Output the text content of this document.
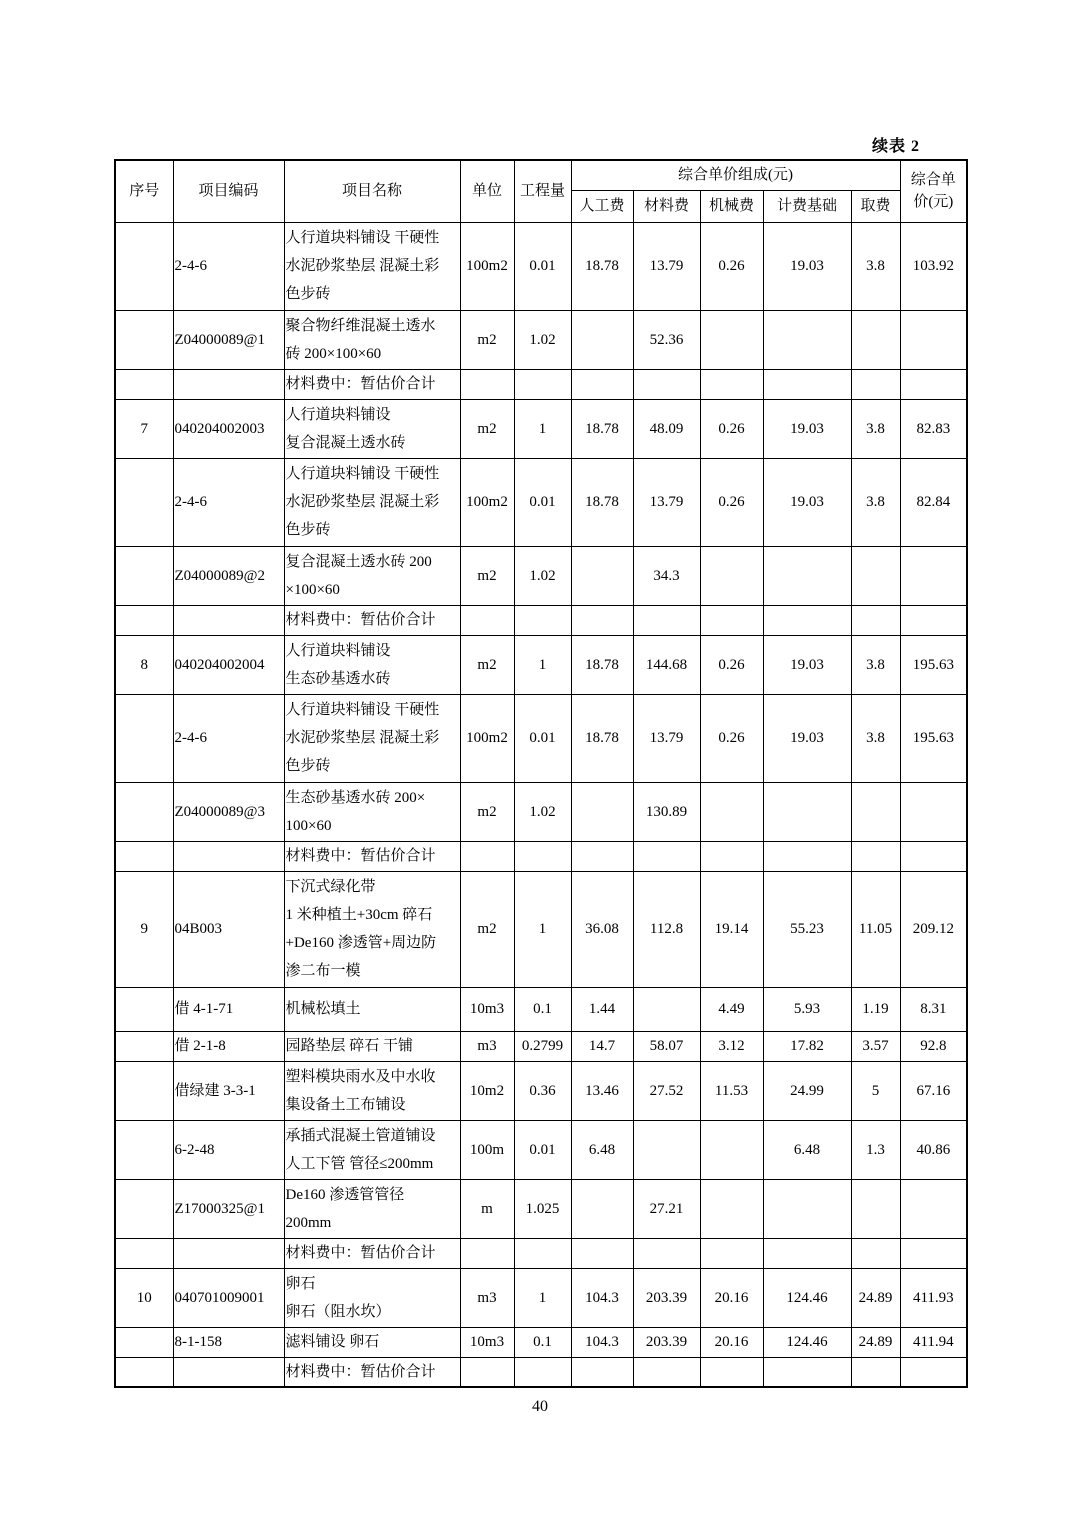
续表 2
序号	项目编码	项目名称	单位	工程量	综合单价组成(元)					综合单
价(元)

					人工费	材料费	机械费	计费基础	取费	
	2-4-6	人行道块料铺设 干硬性
水泥砂浆垫层 混凝土彩
色步砖	100m2	0.01	18.78	13.79	0.26	19.03	3.8	103.92
	Z04000089@1	聚合物纤维混凝土透水
砖 200×100×60	m2	1.02		52.36				

		材料费中：暂估价合计								

7	040204002003	人行道块料铺设
复合混凝土透水砖	m2	1	18.78	48.09	0.26	19.03	3.8	82.83
	2-4-6	人行道块料铺设 干硬性
水泥砂浆垫层 混凝土彩
色步砖	100m2	0.01	18.78	13.79	0.26	19.03	3.8	82.84
	Z04000089@2	复合混凝土透水砖 200
×100×60	m2	1.02		34.3				

		材料费中：暂估价合计								

8	040204002004	人行道块料铺设
生态砂基透水砖	m2	1	18.78	144.68	0.26	19.03	3.8	195.63
	2-4-6	人行道块料铺设 干硬性
水泥砂浆垫层 混凝土彩
色步砖	100m2	0.01	18.78	13.79	0.26	19.03	3.8	195.63
	Z04000089@3	生态砂基透水砖 200×
100×60	m2	1.02		130.89				

		材料费中：暂估价合计								

9	04B003	下沉式绿化带
1 米种植土+30cm 碎石
+De160 渗透管+周边防
渗二布一模	m2	1	36.08	112.8	19.14	55.23	11.05	209.12
	借 4-1-71	机械松填土	10m3	0.1	1.44		4.49	5.93	1.19	8.31
	借 2-1-8	园路垫层 碎石 干铺	m3	0.2799	14.7	58.07	3.12	17.82	3.57	92.8
	借绿建 3-3-1	塑料模块雨水及中水收
集设备土工布铺设	10m2	0.36	13.46	27.52	11.53	24.99	5	67.16
	6-2-48	承插式混凝土管道铺设
人工下管 管径≤200mm	100m	0.01	6.48			6.48	1.3	40.86
	Z17000325@1	De160 渗透管管径
200mm	m	1.025		27.21				

		材料费中：暂估价合计								

10	040701009001	卵石
卵石（阻水坎）	m3	1	104.3	203.39	20.16	124.46	24.89	411.93
	8-1-158	滤料铺设 卵石	10m3	0.1	104.3	203.39	20.16	124.46	24.89	411.94

		材料费中：暂估价合计								

40
